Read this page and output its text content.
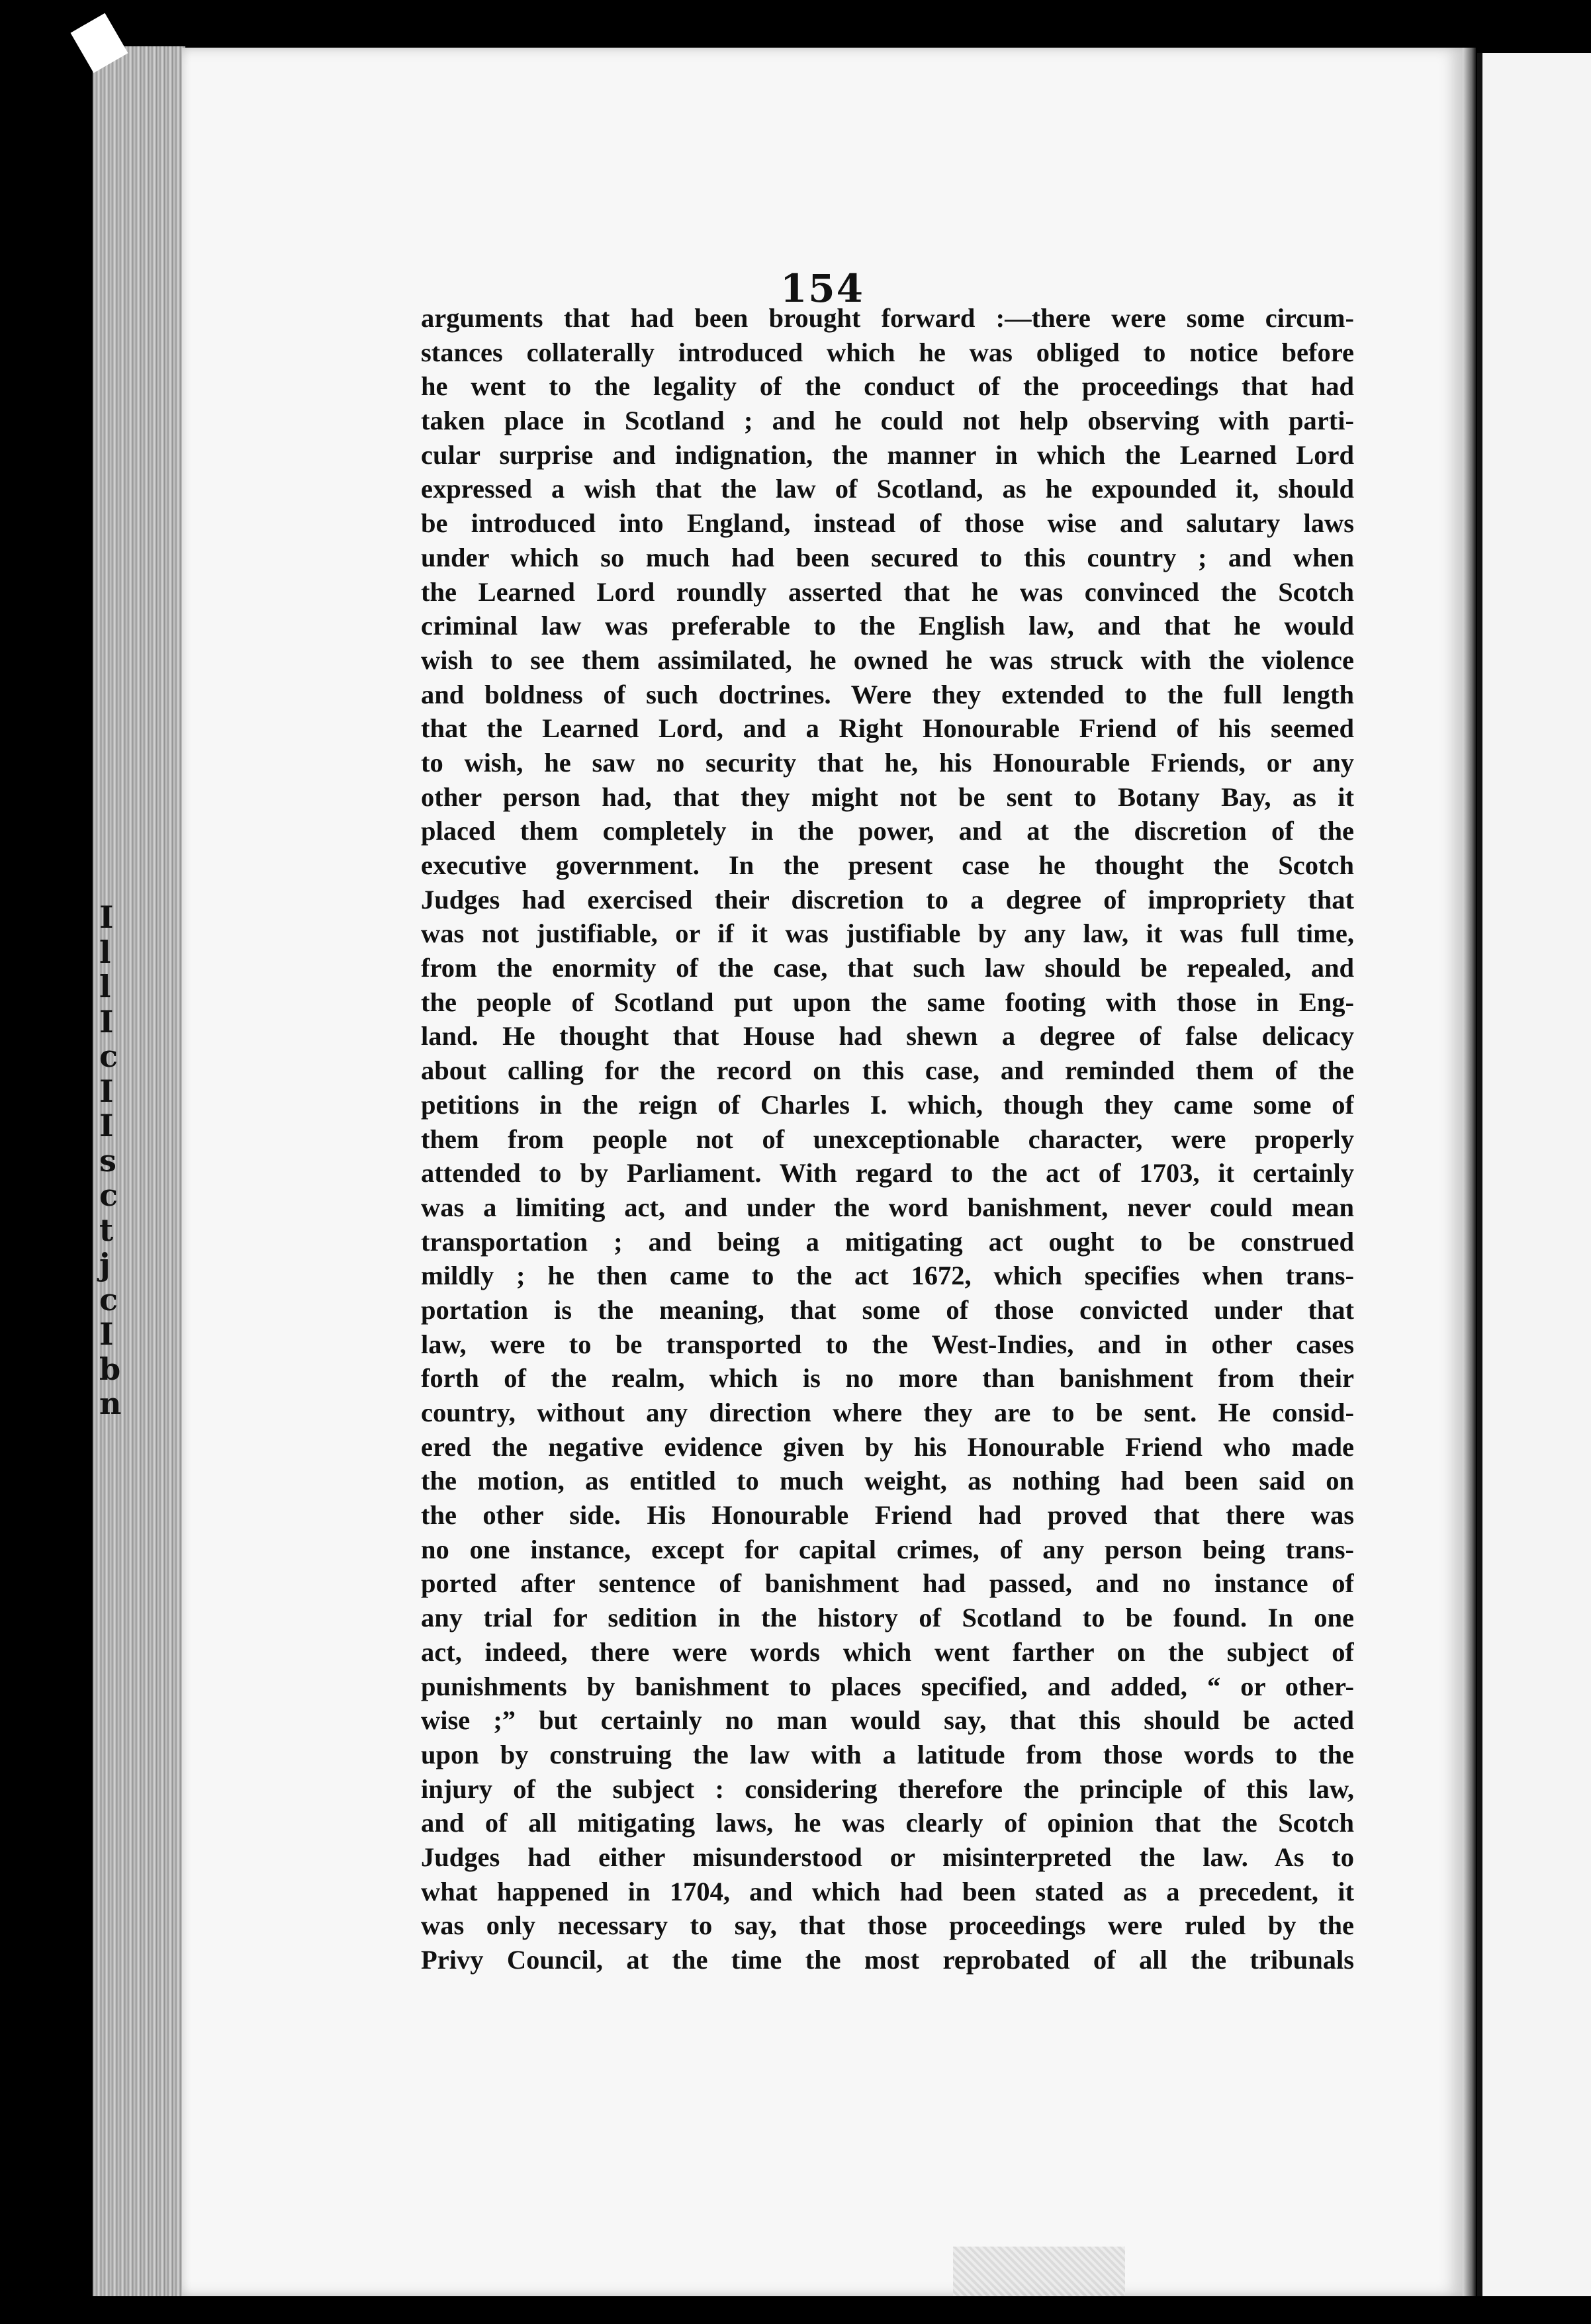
154
arguments that had been brought forward :—there were some circum-
stances collaterally introduced which he was obliged to notice before
he went to the legality of the conduct of the proceedings that had
taken place in Scotland ; and he could not help observing with parti-
cular surprise and indignation, the manner in which the Learned Lord
expressed a wish that the law of Scotland, as he expounded it, should
be introduced into England, instead of those wise and salutary laws
under which so much had been secured to this country ; and when
the Learned Lord roundly asserted that he was convinced the Scotch
criminal law was preferable to the English law, and that he would
wish to see them assimilated, he owned he was struck with the violence
and boldness of such doctrines. Were they extended to the full length
that the Learned Lord, and a Right Honourable Friend of his seemed
to wish, he saw no security that he, his Honourable Friends, or any
other person had, that they might not be sent to Botany Bay, as it
placed them completely in the power, and at the discretion of the
executive government. In the present case he thought the Scotch
Judges had exercised their discretion to a degree of impropriety that
was not justifiable, or if it was justifiable by any law, it was full time,
from the enormity of the case, that such law should be repealed, and
the people of Scotland put upon the same footing with those in Eng-
land. He thought that House had shewn a degree of false delicacy
about calling for the record on this case, and reminded them of the
petitions in the reign of Charles I. which, though they came some of
them from people not of unexceptionable character, were properly
attended to by Parliament. With regard to the act of 1703, it certainly
was a limiting act, and under the word banishment, never could mean
transportation ; and being a mitigating act ought to be construed
mildly ; he then came to the act 1672, which specifies when trans-
portation is the meaning, that some of those convicted under that
law, were to be transported to the West-Indies, and in other cases
forth of the realm, which is no more than banishment from their
country, without any direction where they are to be sent. He consid-
ered the negative evidence given by his Honourable Friend who made
the motion, as entitled to much weight, as nothing had been said on
the other side. His Honourable Friend had proved that there was
no one instance, except for capital crimes, of any person being trans-
ported after sentence of banishment had passed, and no instance of
any trial for sedition in the history of Scotland to be found. In one
act, indeed, there were words which went farther on the subject of
punishments by banishment to places specified, and added, “ or other-
wise ;” but certainly no man would say, that this should be acted
upon by construing the law with a latitude from those words to the
injury of the subject : considering therefore the principle of this law,
and of all mitigating laws, he was clearly of opinion that the Scotch
Judges had either misunderstood or misinterpreted the law. As to
what happened in 1704, and which had been stated as a precedent, it
was only necessary to say, that those proceedings were ruled by the
Privy Council, at the time the most reprobated of all the tribunals
I
l
l
I
c
I
I
s
c
t
j
c
I
b
n
